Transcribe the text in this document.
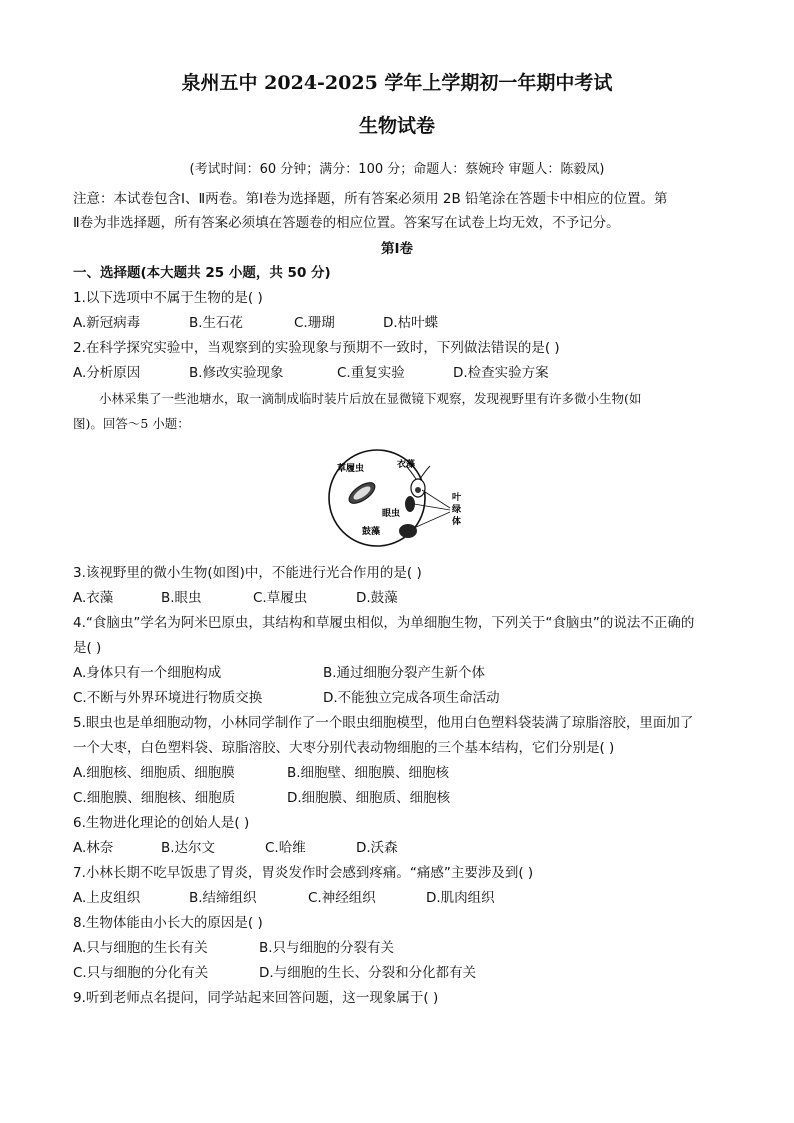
泉州五中 2024-2025 学年上学期初一年期中考试
生物试卷
(考试时间：60 分钟；满分：100 分；命题人：蔡婉玲 审题人：陈毅凤)
注意：本试卷包含Ⅰ、Ⅱ两卷。第Ⅰ卷为选择题，所有答案必须用 2B 铅笔涂在答题卡中相应的位置。第
Ⅱ卷为非选择题，所有答案必须填在答题卷的相应位置。答案写在试卷上均无效，不予记分。
第Ⅰ卷
一、选择题(本大题共 25 小题，共 50 分)
1.以下选项中不属于生物的是( )
A.新冠病毒	B.生石花	C.珊瑚	D.枯叶蝶
2.在科学探究实验中，当观察到的实验现象与预期不一致时，下列做法错误的是( )
A.分析原因	B.修改实验现象	C.重复实验	D.检查实验方案
小林采集了一些池塘水，取一滴制成临时装片后放在显微镜下观察，发现视野里有许多微小生物(如
图)。回答～5 小题：
草履虫	衣藻
眼虫
鼓藻
叶
绿
体
3.该视野里的微小生物(如图)中，不能进行光合作用的是( )
A.衣藻	B.眼虫	C.草履虫	D.鼓藻
4.“食脑虫”学名为阿米巴原虫，其结构和草履虫相似，为单细胞生物，下列关于“食脑虫”的说法不正确的
是( )
A.身体只有一个细胞构成	B.通过细胞分裂产生新个体
C.不断与外界环境进行物质交换	D.不能独立完成各项生命活动
5.眼虫也是单细胞动物，小林同学制作了一个眼虫细胞模型，他用白色塑料袋装满了琼脂溶胶，里面加了
一个大枣，白色塑料袋、琼脂溶胶、大枣分别代表动物细胞的三个基本结构，它们分别是( )
A.细胞核、细胞质、细胞膜	B.细胞壁、细胞膜、细胞核
C.细胞膜、细胞核、细胞质	D.细胞膜、细胞质、细胞核
6.生物进化理论的创始人是( )
A.林奈	B.达尔文	C.哈维	D.沃森
7.小林长期不吃早饭患了胃炎，胃炎发作时会感到疼痛。“痛感”主要涉及到( )
A.上皮组织	B.结缔组织	C.神经组织	D.肌肉组织
8.生物体能由小长大的原因是( )
A.只与细胞的生长有关	B.只与细胞的分裂有关
C.只与细胞的分化有关	D.与细胞的生长、分裂和分化都有关
9.听到老师点名提问，同学站起来回答问题，这一现象属于( )
